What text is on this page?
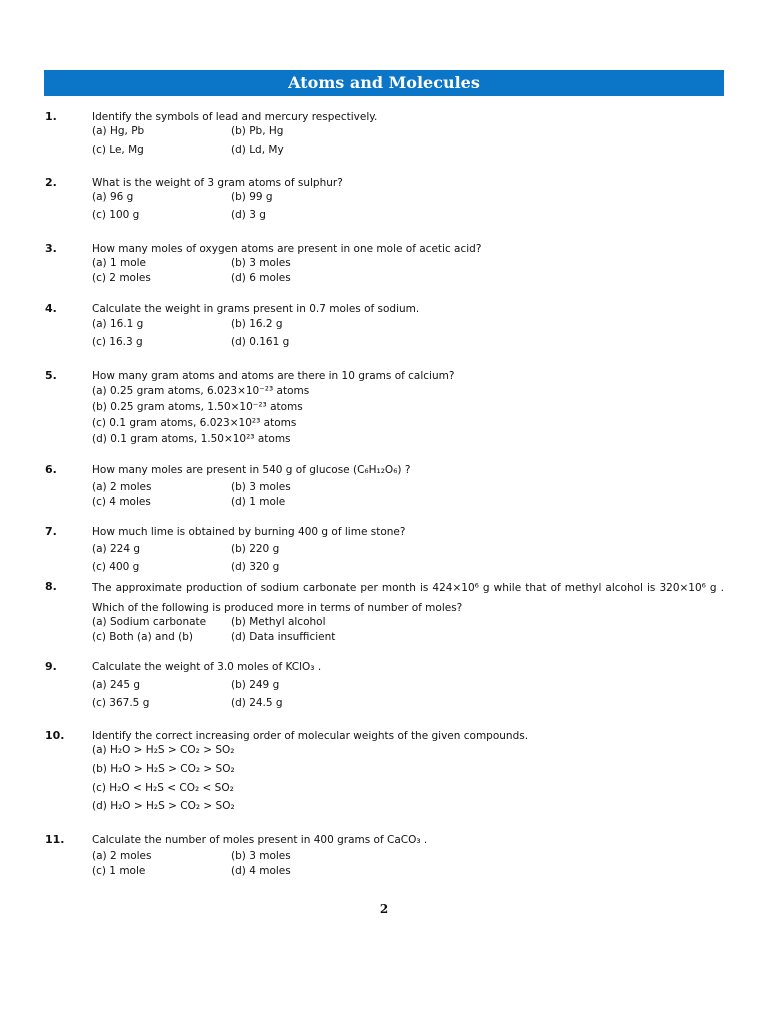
Atoms and Molecules
1.	Identify the symbols of lead and mercury respectively.
(a) Hg, Pb	(b) Pb, Hg
(c) Le, Mg	(d) Ld, My
2.	What is the weight of 3 gram atoms of sulphur?
(a) 96 g	(b) 99 g
(c) 100 g	(d) 3 g
3.	How many moles of oxygen atoms are present in one mole of acetic acid?
(a) 1 mole	(b) 3 moles
(c) 2 moles	(d) 6 moles
4.	Calculate the weight in grams present in 0.7 moles of sodium.
(a) 16.1 g	(b) 16.2 g
(c) 16.3 g	(d) 0.161 g
5.	How many gram atoms and atoms are there in 10 grams of calcium?
(a) 0.25 gram atoms, 6.023×10⁻²³ atoms
(b) 0.25 gram atoms, 1.50×10⁻²³ atoms
(c) 0.1 gram atoms, 6.023×10²³ atoms
(d) 0.1 gram atoms, 1.50×10²³ atoms
6.	How many moles are present in 540 g of glucose (C₆H₁₂O₆) ?
(a) 2 moles	(b) 3 moles
(c) 4 moles	(d) 1 mole
7.	How much lime is obtained by burning 400 g of lime stone?
(a) 224 g	(b) 220 g
(c) 400 g	(d) 320 g
8.	The approximate production of sodium carbonate per month is 424×10⁶ g while that of methyl alcohol is 320×10⁶ g . Which of the following is produced more in terms of number of moles?
(a) Sodium carbonate (b) Methyl alcohol
(c) Both (a) and (b)	(d) Data insufficient
9.	Calculate the weight of 3.0 moles of KClO₃ .
(a) 245 g	(b) 249 g
(c) 367.5 g	(d) 24.5 g
10.	Identify the correct increasing order of molecular weights of the given compounds.
(a) H₂O > H₂S > CO₂ > SO₂
(b) H₂O > H₂S > CO₂ > SO₂
(c) H₂O < H₂S < CO₂ < SO₂
(d) H₂O > H₂S > CO₂ > SO₂
11.	Calculate the number of moles present in 400 grams of CaCO₃ .
(a) 2 moles	(b) 3 moles
(c) 1 mole	(d) 4 moles
2
